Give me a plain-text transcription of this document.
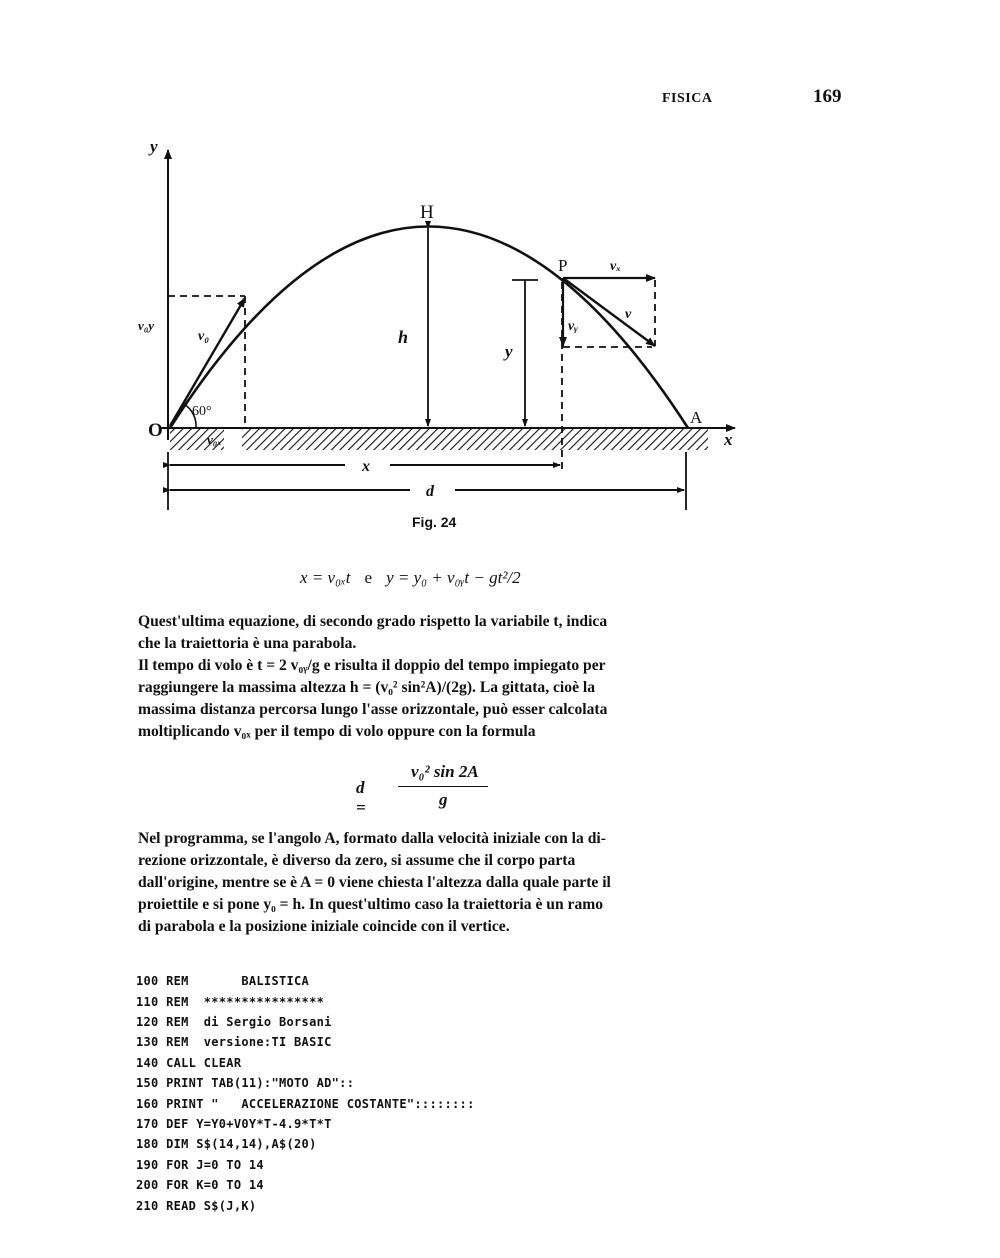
FISICA	169
y
x
O
H
P
A
v₀y
v₀
v₀ₓ
60°
h
y
vₓ
vᵧ
v
x
d
Fig. 24
x = v₀ₓt e y = y₀ + v₀ᵧt − gt²/2
Quest'ultima equazione, di secondo grado rispetto la variabile t, indica
che la traiettoria è una parabola.
Il tempo di volo è t = 2 v₀ᵧ/g e risulta il doppio del tempo impiegato per
raggiungere la massima altezza h = (v₀² sin²A)/(2g). La gittata, cioè la
massima distanza percorsa lungo l'asse orizzontale, può esser calcolata
moltiplicando v₀ₓ per il tempo di volo oppure con la formula
d =
v₀² sin 2A
g
Nel programma, se l'angolo A, formato dalla velocità iniziale con la di-
rezione orizzontale, è diverso da zero, si assume che il corpo parta
dall'origine, mentre se è A = 0 viene chiesta l'altezza dalla quale parte il
proiettile e si pone y₀ = h. In quest'ultimo caso la traiettoria è un ramo
di parabola e la posizione iniziale coincide con il vertice.

100 REM       BALISTICA

110 REM  ****************

120 REM  di Sergio Borsani

130 REM  versione:TI BASIC

140 CALL CLEAR

150 PRINT TAB(11):"MOTO AD"::

160 PRINT "   ACCELERAZIONE COSTANTE"::::::::

170 DEF Y=Y0+V0Y*T-4.9*T*T

180 DIM S$(14,14),A$(20)

190 FOR J=0 TO 14

200 FOR K=0 TO 14

210 READ S$(J,K)
